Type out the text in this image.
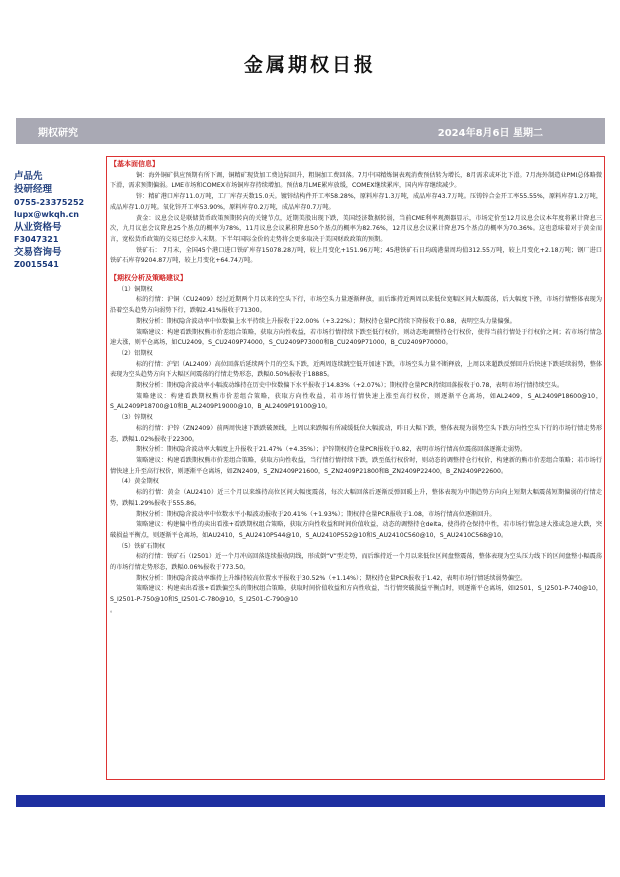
金属期权日报
期权研究	2024年8月6日 星期二
卢品先
投研经理
0755-23375252
lupx@wkqh.cn
从业资格号
F3047321
交易咨询号
Z0015541

【基本面信息】

铜：海外铜矿供应预期有所下调，铜精矿现货加工费边际回升，粗铜加工费回落。7月中国精炼铜表观消费预估转为增长，8月需求或环比下滑。7月海外制造业PMI总体略微下滑，需求预期偏弱。LME市场和COMEX市场铜库存持续增加。预估8月LME累库放缓，COMEX继续累库，国内库存继续减少。

锌：精矿港口库存11.0万吨，工厂库存天数15.0天。镀锌结构件开工率58.28%，原料库存1.3万吨，成品库存43.7万吨。压铸锌合金开工率55.55%，原料库存1.2万吨，成品库存1.0万吨。氧化锌开工率53.90%，原料库存0.2万吨，成品库存0.7万吨。

黄金：议息会议是联储货币政策预期转向的关键节点，近期美股出现下跌，美国经济数据转弱，当前CME利率观测器显示，市场定价至12月议息会议本年度将累计降息三次，九月议息会议降息25个基点的概率为78%，11月议息会议累积降息50个基点的概率为82.76%，12月议息会议累计降息75个基点的概率为70.36%。这也意味着对于黄金而言，宽松货币政策的交易已经步入末期。下半年国际金价的走势将会更多取决于美国财政政策的预期。

铁矿石： 7月末，全国45个港口进口铁矿库存15078.28万吨，较上月变化+151.96万吨；45港铁矿石日均疏港量周均值312.55万吨，较上月变化+2.18万吨；钢厂进口铁矿石库存9204.87万吨，较上月变化+64.74万吨。

【期权分析及策略建议】

（1）铜期权

标的行情：沪铜（CU2409）经过近期两个月以来的空头下行，市场空头力量逐渐释放，而后维持近两周以来低位宽幅区间大幅震荡，后大幅度下挫，市场行情整体表现为沿着空头趋势方向弱势下行，跌幅2.41%报收于71300。

期权分析：期权隐含波动率中位数偏上水平持续上升报收于22.00%（+3.22%）；期权持仓量PC持续下降报收于0.88，表明空头力量偏强。

策略建议：构建看跌期权熊市价差组合策略，获取方向性收益，若市场行情持续下跌至低行权价，则动态地调整持仓行权价，使得当前行情处于行权价之间；若市场行情急速大涨，则平仓离场，如CU2409，S_CU2409P74000，S_CU2409P73000和B_CU2409P71000，B_CU2409P70000。

（2）铝期权

标的行情：沪铝（AL2409）高位回落后延续两个月的空头下跌，近两周连续跳空低开加速下跌，市场空头力量不断释放，上周以来超跌反弹回升后快速下跌延续弱势，整体表现为空头趋势方向下大幅区间震荡的行情走势形态，跌幅0.50%报收于18885。

期权分析：期权隐含波动率小幅波动维持在历史中位数偏下水平报收于14.83%（+2.07%）；期权持仓量PCR持续回落报收于0.78，表明市场行情持续空头。

策略建议：构建看跌期权熊市价差组合策略，获取方向性收益，若市场行情快速上涨至高行权价，则逐渐平仓离场，如AL2409，S_AL2409P18600@10，S_AL2409P18700@10和B_AL2409P19000@10，B_AL2409P19100@10。

（3）锌期权

标的行情：沪锌（ZN2409）前两周快速下跌跌破颈线，上周以来跌幅有所减缓低位大幅波动，昨日大幅下跌，整体表现为弱势空头下跌方向性空头下行的市场行情走势形态，跌幅1.02%报收于22300。

期权分析：期权隐含波动率大幅度上升报收于21.47%（+4.35%）；沪锌期权持仓量PCR报收于0.82，表明市场行情高位震荡回落逐渐走弱势。

策略建议：构建看跌期权熊市价差组合策略，获取方向性收益，当行情行情持续下跌，跌至低行权价时，则动态的调整持仓行权价，构建新的熊市价差组合策略；若市场行情快速上升至高行权价，则逐渐平仓离场，如ZN2409，S_ZN2409P21600，S_ZN2409P21800和B_ZN2409P22400，B_ZN2409P22600。

（4）黄金期权

标的行情：黄金（AU2410）近三个月以来维持高位区间大幅度震荡，每次大幅回落后逐渐反弹回暖上升，整体表现为中期趋势方向向上短期大幅震荡短期偏弱的行情走势，跌幅1.29%报收于555.86。

期权分析：期权隐含波动率中位数水平小幅波动报收于20.41%（+1.93%）；期权持仓量PCR报收于1.08，市场行情高位逐渐回升。

策略建议：构建偏中性的卖出看涨+看跌期权组合策略，获取方向性收益和时间价值收益，动态的调整持仓delta，使得持仓保持中性，若市场行情急速大涨或急速大跌，突破损益平衡点，则逐渐平仓离场，如AU2410，S_AU2410P544@10，S_AU2410P552@10和S_AU2410C560@10，S_AU2410C568@10。

（5）铁矿石期权

标的行情：铁矿石（I2501）近一个月冲高回落连续报收阴线，形成倒“V”型走势，而后维持近一个月以来低位区间盘整震荡，整体表现为空头压力线下的区间盘整小幅震荡的市场行情走势形态，跌幅0.06%报收于773.50。

期权分析：期权隐含波动率维持上升维持较高位置水平报收于30.52%（+1.14%）；期权持仓量PCR报收于1.42，表明市场行情延续弱势偏空。

策略建议：构建卖出看涨+看跌偏空头的期权组合策略，获取时间价值收益和方向性收益，当行情突破损益平衡点时，则逐渐平仓离场，如I2501，S_I2501-P-740@10，S_I2501-P-750@10和S_I2501-C-780@10，S_I2501-C-790@10

。
